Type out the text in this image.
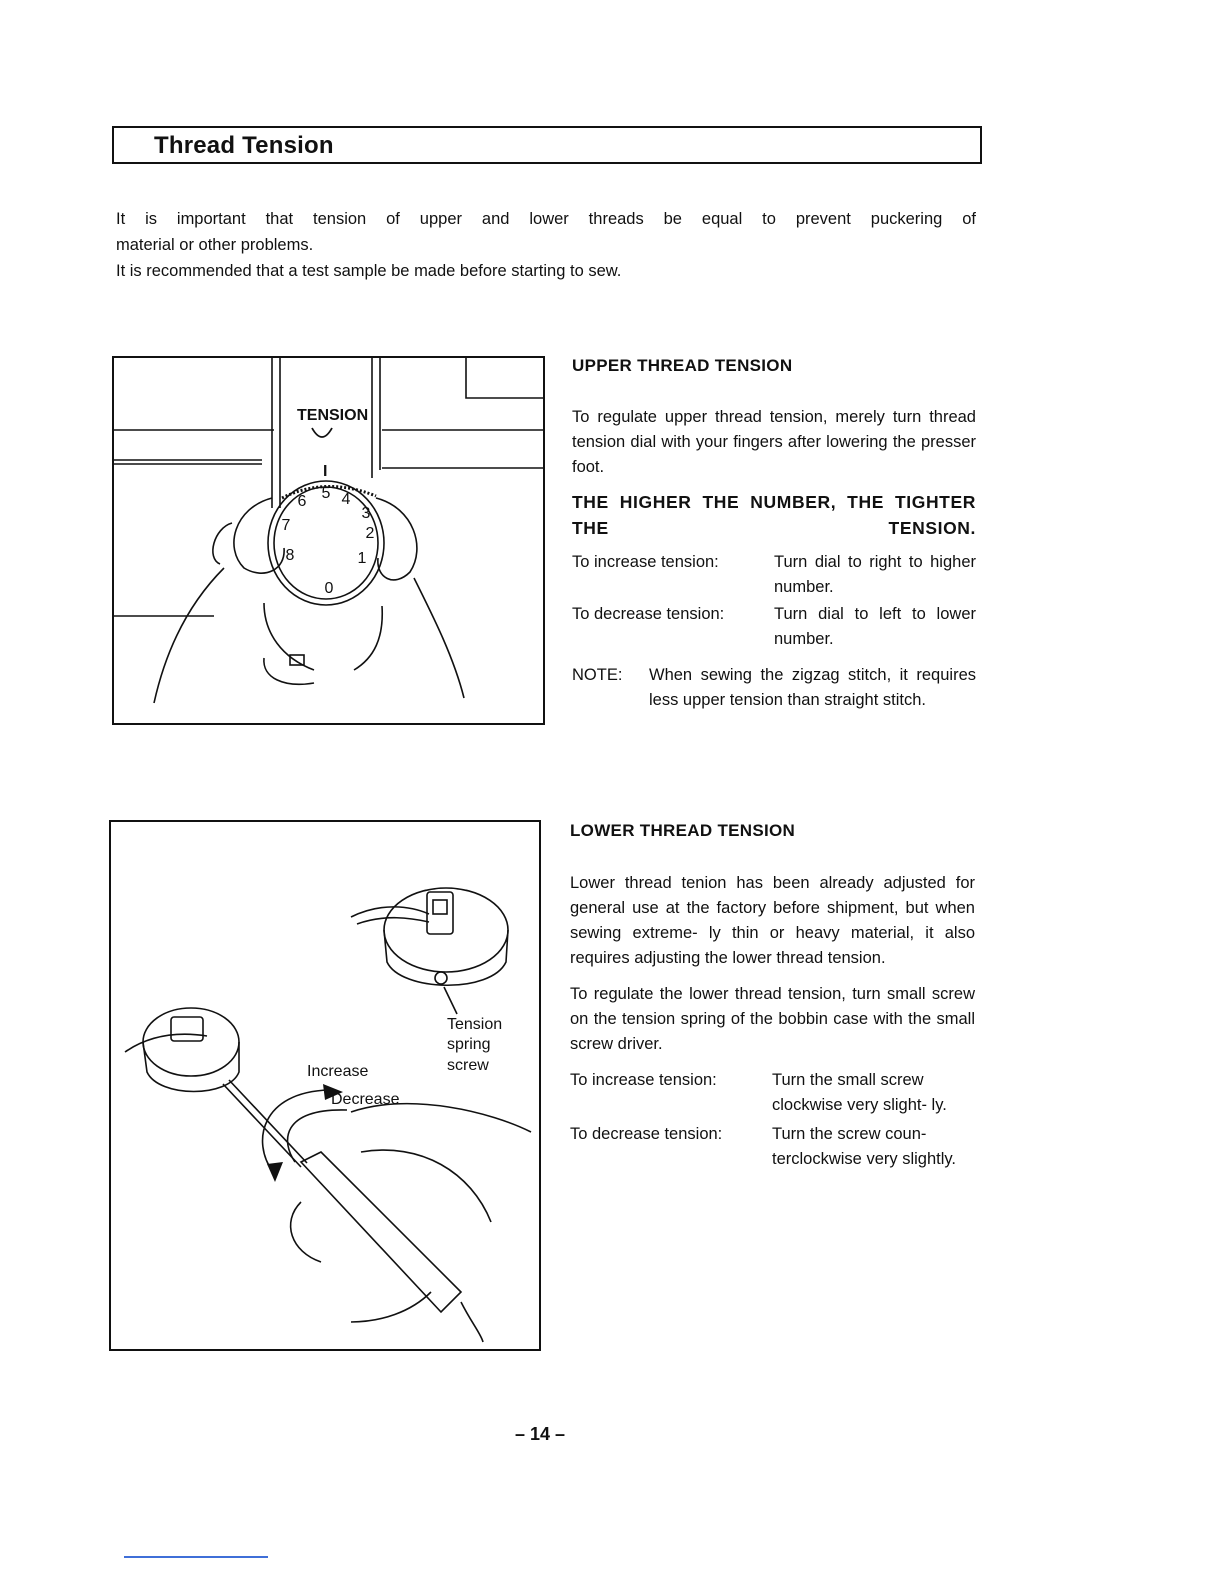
Thread Tension

It is important that tension of upper and lower threads be equal to prevent puckering of

material or other problems.

It is recommended that a test sample be made before starting to sew.

TENSION
I
0
1
2
3
4
5
6
7
8

UPPER THREAD TENSION

To regulate upper thread tension, merely turn thread tension dial with your fingers after lowering the presser foot.

THE HIGHER THE NUMBER, THE TIGHTER THE TENSION.

To increase tension:	Turn dial to right to higher number.
To decrease tension:	Turn dial to left to lower number.
NOTE:	When sewing the zigzag stitch, it requires less upper tension than straight stitch.
Increase
Decrease
Tension
spring
screw

LOWER THREAD TENSION

Lower thread tenion has been already adjusted for general use at the factory before shipment, but when sewing extreme- ly thin or heavy material, it also requires adjusting the lower thread tension.

To regulate the lower thread tension, turn small screw on the tension spring of the bobbin case with the small screw driver.

To increase tension:	Turn the small screw clockwise very slight- ly.
To decrease tension:	Turn the screw coun- terclockwise very slightly.
– 14 –
